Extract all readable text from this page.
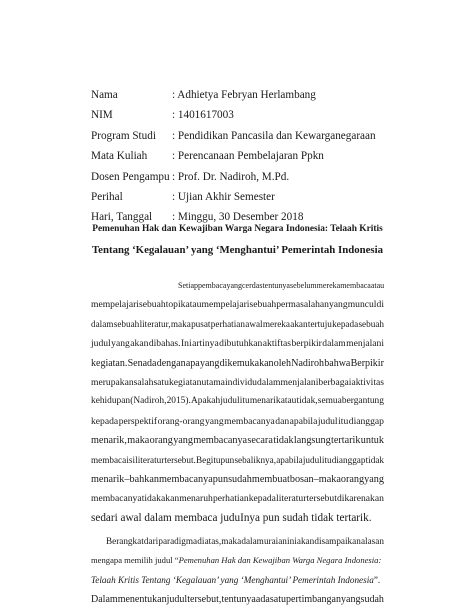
Nama	: Adhietya Febryan Herlambang
NIM	: 1401617003
Program Studi	: Pendidikan Pancasila dan Kewarganegaraan
Mata Kuliah	: Perencanaan Pembelajaran Ppkn
Dosen Pengampu : Prof. Dr. Nadiroh, M.Pd.
Perihal	: Ujian Akhir Semester
Hari, Tanggal	: Minggu, 30 Desember 2018
Pemenuhan Hak dan Kewajiban Warga Negara Indonesia: Telaah Kritis
Tentang ‘Kegalauan’ yang ‘Menghantui’ Pemerintah Indonesia
Setiap pembaca yang cerdas tentunya sebelum mereka membaca atau
mempelajari sebuah topik atau mempelajari sebuah permasalahan yang muncul di
dalam sebuah literatur, maka pusat perhatian awal mereka akan tertuju kepada sebuah
judul yang akan dibahas. Ini artinya dibutuhkan aktiftas berpikir dalam menjalani
kegiatan. Senada dengan apa yang dikemukakan oleh Nadiroh bahwa Berpikir
merupakan salah satu kegiatan utama individu dalam menjalani berbagai aktivitas
kehidupan (Nadiroh, 2015). Apakah judul itu menarik atau tidak, semua bergantung
kepada perspektif orang-orang yang membacanya dan apabila judul itu dianggap
menarik, maka orang yang membacanya secara tidak langsung tertarik untuk
membaca isi literatur tersebut. Begitupun sebaliknya, apabila judul itu dianggap tidak
menarik – bahkan membacanya pun sudah membuat bosan – maka orang yang
membacanya tidak akan menaruh perhatian kepada literatur tersebut dikarenakan
sedari awal dalam membaca juduInya pun sudah tidak tertarik.
Berangkat dari paradigma di atas, maka dalam uraian ini akan disampaikan alasan
mengapa memilih judul “ Pemenuhan Hak dan Kewajiban Warga Negara Indonesia:
Telaah Kritis Tentang ‘Kegalauan’ yang ‘Menghantui’ Pemerintah Indonesia ”.
Dalam menentukan judul tersebut, tentunya ada satu pertimbangan yang sudah
